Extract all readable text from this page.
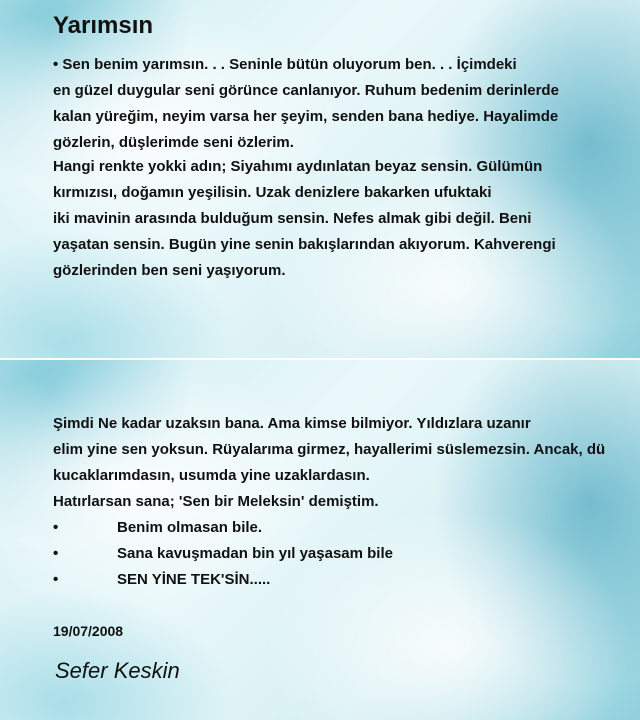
Yarımsın

• Sen benim yarımsın. . . Seninle bütün oluyorum ben. . . İçimdeki
en güzel duygular seni görünce canlanıyor. Ruhum bedenim derinlerde
kalan yüreğim, neyim varsa her şeyim, senden bana hediye. Hayalimde
gözlerin, düşlerimde seni özlerim.

Hangi renkte yokki adın; Siyahımı aydınlatan beyaz sensin. Gülümün
kırmızısı, doğamın yeşilisin. Uzak denizlere bakarken ufuktaki
iki mavinin arasında bulduğum sensin. Nefes almak gibi değil. Beni
yaşatan sensin. Bugün yine senin bakışlarından akıyorum. Kahverengi
gözlerinden ben seni yaşıyorum.

Şimdi Ne kadar uzaksın bana. Ama kimse bilmiyor. Yıldızlara uzanır
elim yine sen yoksun. Rüyalarıma girmez, hayallerimi süslemezsin. Ancak, dü
kucaklarımdasın, usumda yine uzaklardasın.

Hatırlarsan sana; 'Sen bir Meleksin' demiştim.

•	Benim olmasan bile.
•	Sana kavuşmadan bin yıl yaşasam bile
•	SEN YİNE TEK'SİN.....
19/07/2008
Sefer Keskin
